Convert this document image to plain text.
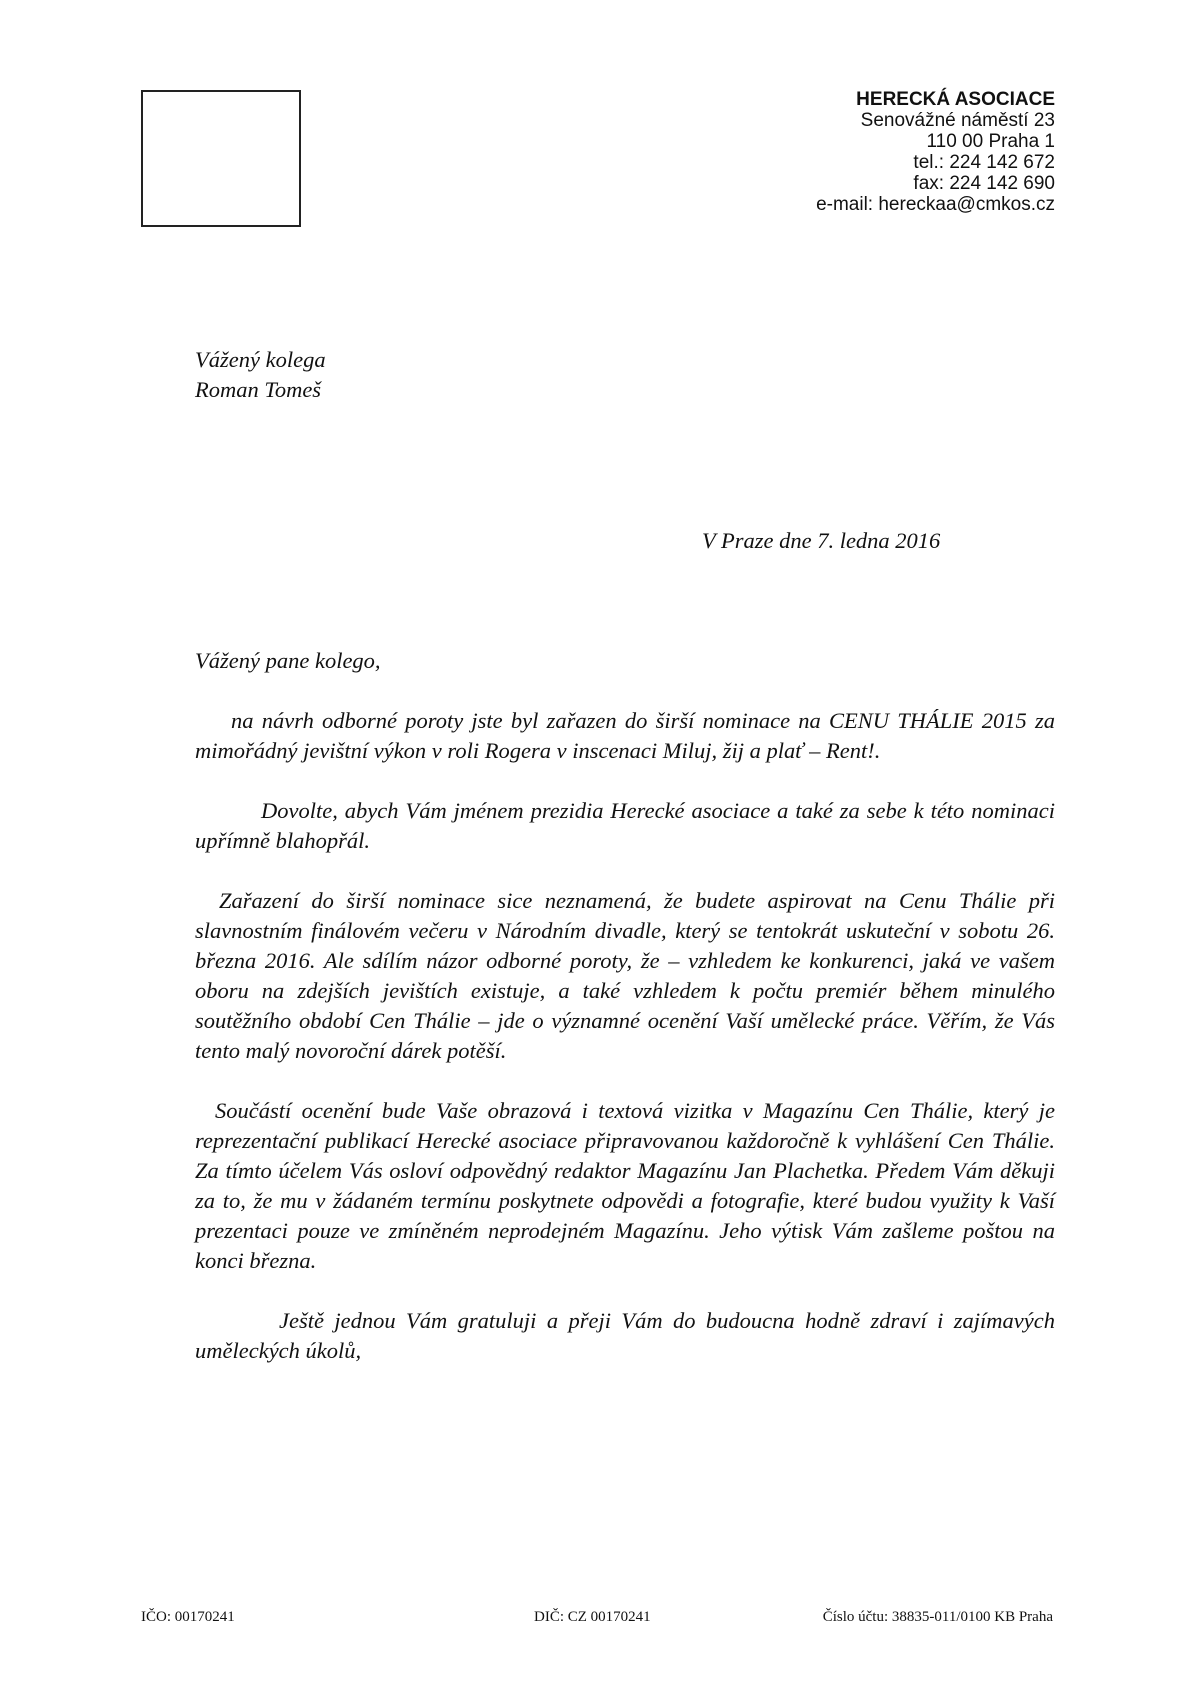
HERECKÁ ASOCIACE
Senovážné náměstí 23
110 00 Praha 1
tel.: 224 142 672
fax: 224 142 690
e-mail: hereckaa@cmkos.cz
Vážený kolega
Roman Tomeš
V Praze dne 7. ledna 2016
Vážený pane kolego,

na návrh odborné poroty jste byl zařazen do širší nominace na CENU THÁLIE 2015 za mimořádný jevištní výkon v roli Rogera v inscenaci Miluj, žij a plať – Rent!.

Dovolte, abych Vám jménem prezidia Herecké asociace a také za sebe k této nominaci upřímně blahopřál.

Zařazení do širší nominace sice neznamená, že budete aspirovat na Cenu Thálie při slavnostním finálovém večeru v Národním divadle, který se tentokrát uskuteční v sobotu 26. března 2016. Ale sdílím názor odborné poroty, že – vzhledem ke konkurenci, jaká ve vašem oboru na zdejších jevištích existuje, a také vzhledem k počtu premiér během minulého soutěžního období Cen Thálie – jde o významné ocenění Vaší umělecké práce. Věřím, že Vás tento malý novoroční dárek potěší.

Součástí ocenění bude Vaše obrazová i textová vizitka v Magazínu Cen Thálie, který je reprezentační publikací Herecké asociace připravovanou každoročně k vyhlášení Cen Thálie. Za tímto účelem Vás osloví odpovědný redaktor Magazínu Jan Plachetka. Předem Vám děkuji za to, že mu v žádaném termínu poskytnete odpovědi a fotografie, které budou využity k Vaší prezentaci pouze ve zmíněném neprodejném Magazínu. Jeho výtisk Vám zašleme poštou na konci března.

Ještě jednou Vám gratuluji a přeji Vám do budoucna hodně zdraví i zajímavých uměleckých úkolů,

IČO: 00170241	DIČ: CZ 00170241	Číslo účtu: 38835-011/0100 KB Praha
